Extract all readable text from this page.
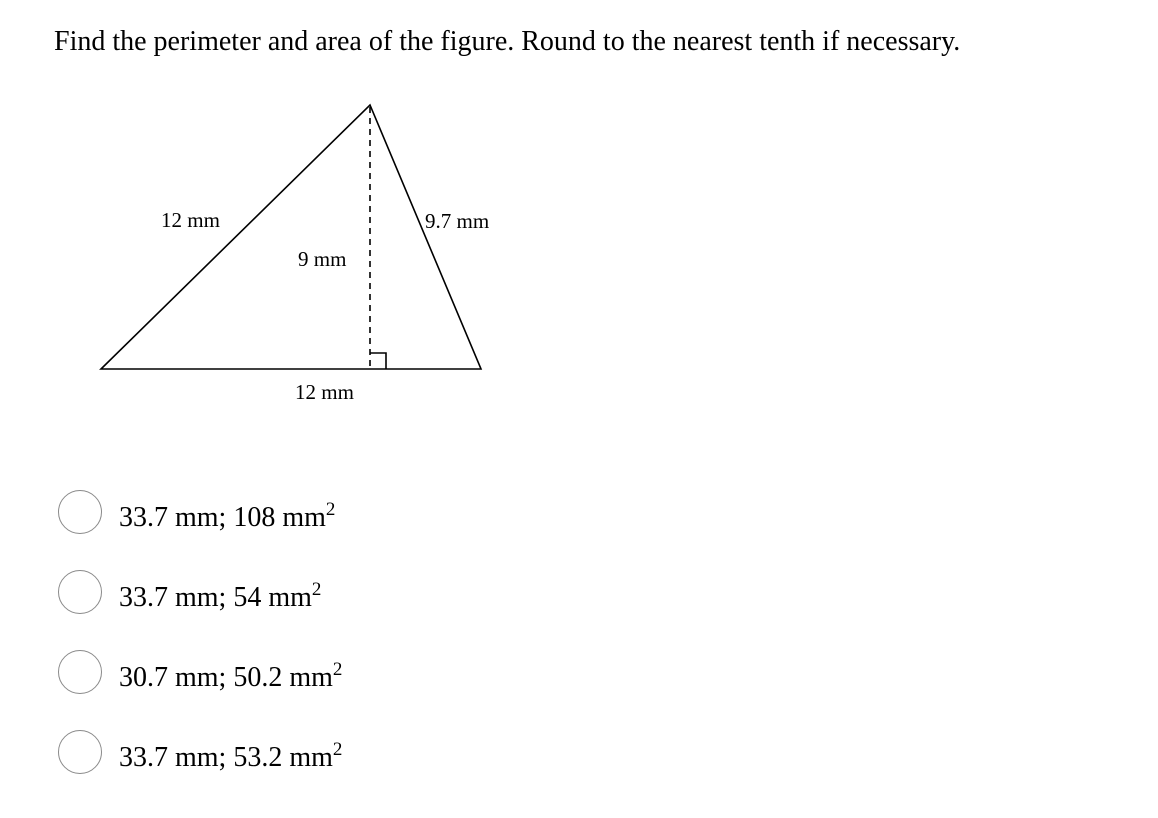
Find the perimeter and area of the figure. Round to the nearest tenth if necessary.
12 mm
9 mm
9.7 mm
12 mm
33.7 mm; 108 $mm^2$
33.7 mm; 54 $mm^2$
30.7 mm; 50.2 $mm^2$
33.7 mm; 53.2 $mm^2$
